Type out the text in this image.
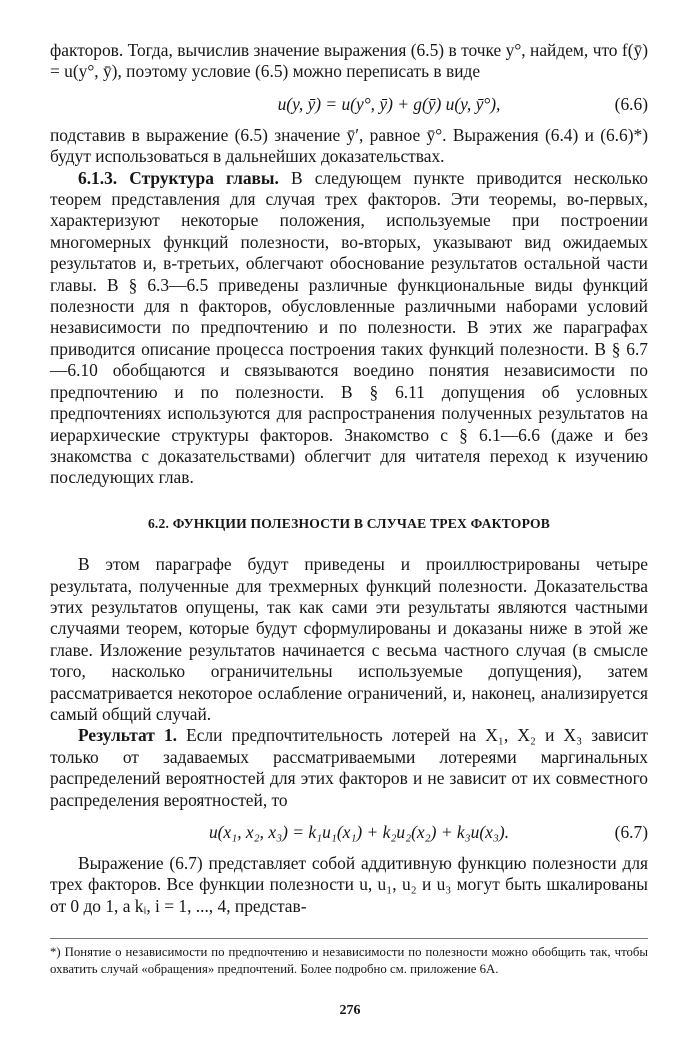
факторов. Тогда, вычислив значение выражения (6.5) в точке y°, найдем, что f(ȳ) = u(y°, ȳ), поэтому условие (6.5) можно переписать в виде

u(y, ȳ) = u(y°, ȳ) + g(ȳ) u(y, ȳ°),	(6.6)

подставив в выражение (6.5) значение ȳ′, равное ȳ°. Выражения (6.4) и (6.6)*) будут использоваться в дальнейших доказательствах.

6.1.3. Структура главы. В следующем пункте приводится несколько теорем представления для случая трех факторов. Эти теоремы, во-первых, характеризуют некоторые положения, используемые при построении многомерных функций полезности, во-вторых, указывают вид ожидаемых результатов и, в-третьих, облегчают обоснование результатов остальной части главы. В § 6.3—6.5 приведены различные функциональные виды функций полезности для n факторов, обусловленные различными наборами условий независимости по предпочтению и по полезности. В этих же параграфах приводится описание процесса построения таких функций полезности. В § 6.7—6.10 обобщаются и связываются воедино понятия независимости по предпочтению и по полезности. В § 6.11 допущения об условных предпочтениях используются для распространения полученных результатов на иерархические структуры факторов. Знакомство с § 6.1—6.6 (даже и без знакомства с доказательствами) облегчит для читателя переход к изучению последующих глав.

6.2. ФУНКЦИИ ПОЛЕЗНОСТИ В СЛУЧАЕ ТРЕХ ФАКТОРОВ

В этом параграфе будут приведены и проиллюстрированы четыре результата, полученные для трехмерных функций полезности. Доказательства этих результатов опущены, так как сами эти результаты являются частными случаями теорем, которые будут сформулированы и доказаны ниже в этой же главе. Изложение результатов начинается с весьма частного случая (в смысле того, насколько ограничительны используемые допущения), затем рассматривается некоторое ослабление ограничений, и, наконец, анализируется самый общий случай.

Результат 1. Если предпочтительность лотерей на X₁, X₂ и X₃ зависит только от задаваемых рассматриваемыми лотереями маргинальных распределений вероятностей для этих факторов и не зависит от их совместного распределения вероятностей, то

u(x₁, x₂, x₃) = k₁u₁(x₁) + k₂u₂(x₂) + k₃u(x₃).	(6.7)

Выражение (6.7) представляет собой аддитивную функцию полезности для трех факторов. Все функции полезности u, u₁, u₂ и u₃ могут быть шкалированы от 0 до 1, а kᵢ, i = 1, ..., 4, представ-

*) Понятие о независимости по предпочтению и независимости по полезности можно обобщить так, чтобы охватить случай «обращения» предпочтений. Более подробно см. приложение 6А.
276
